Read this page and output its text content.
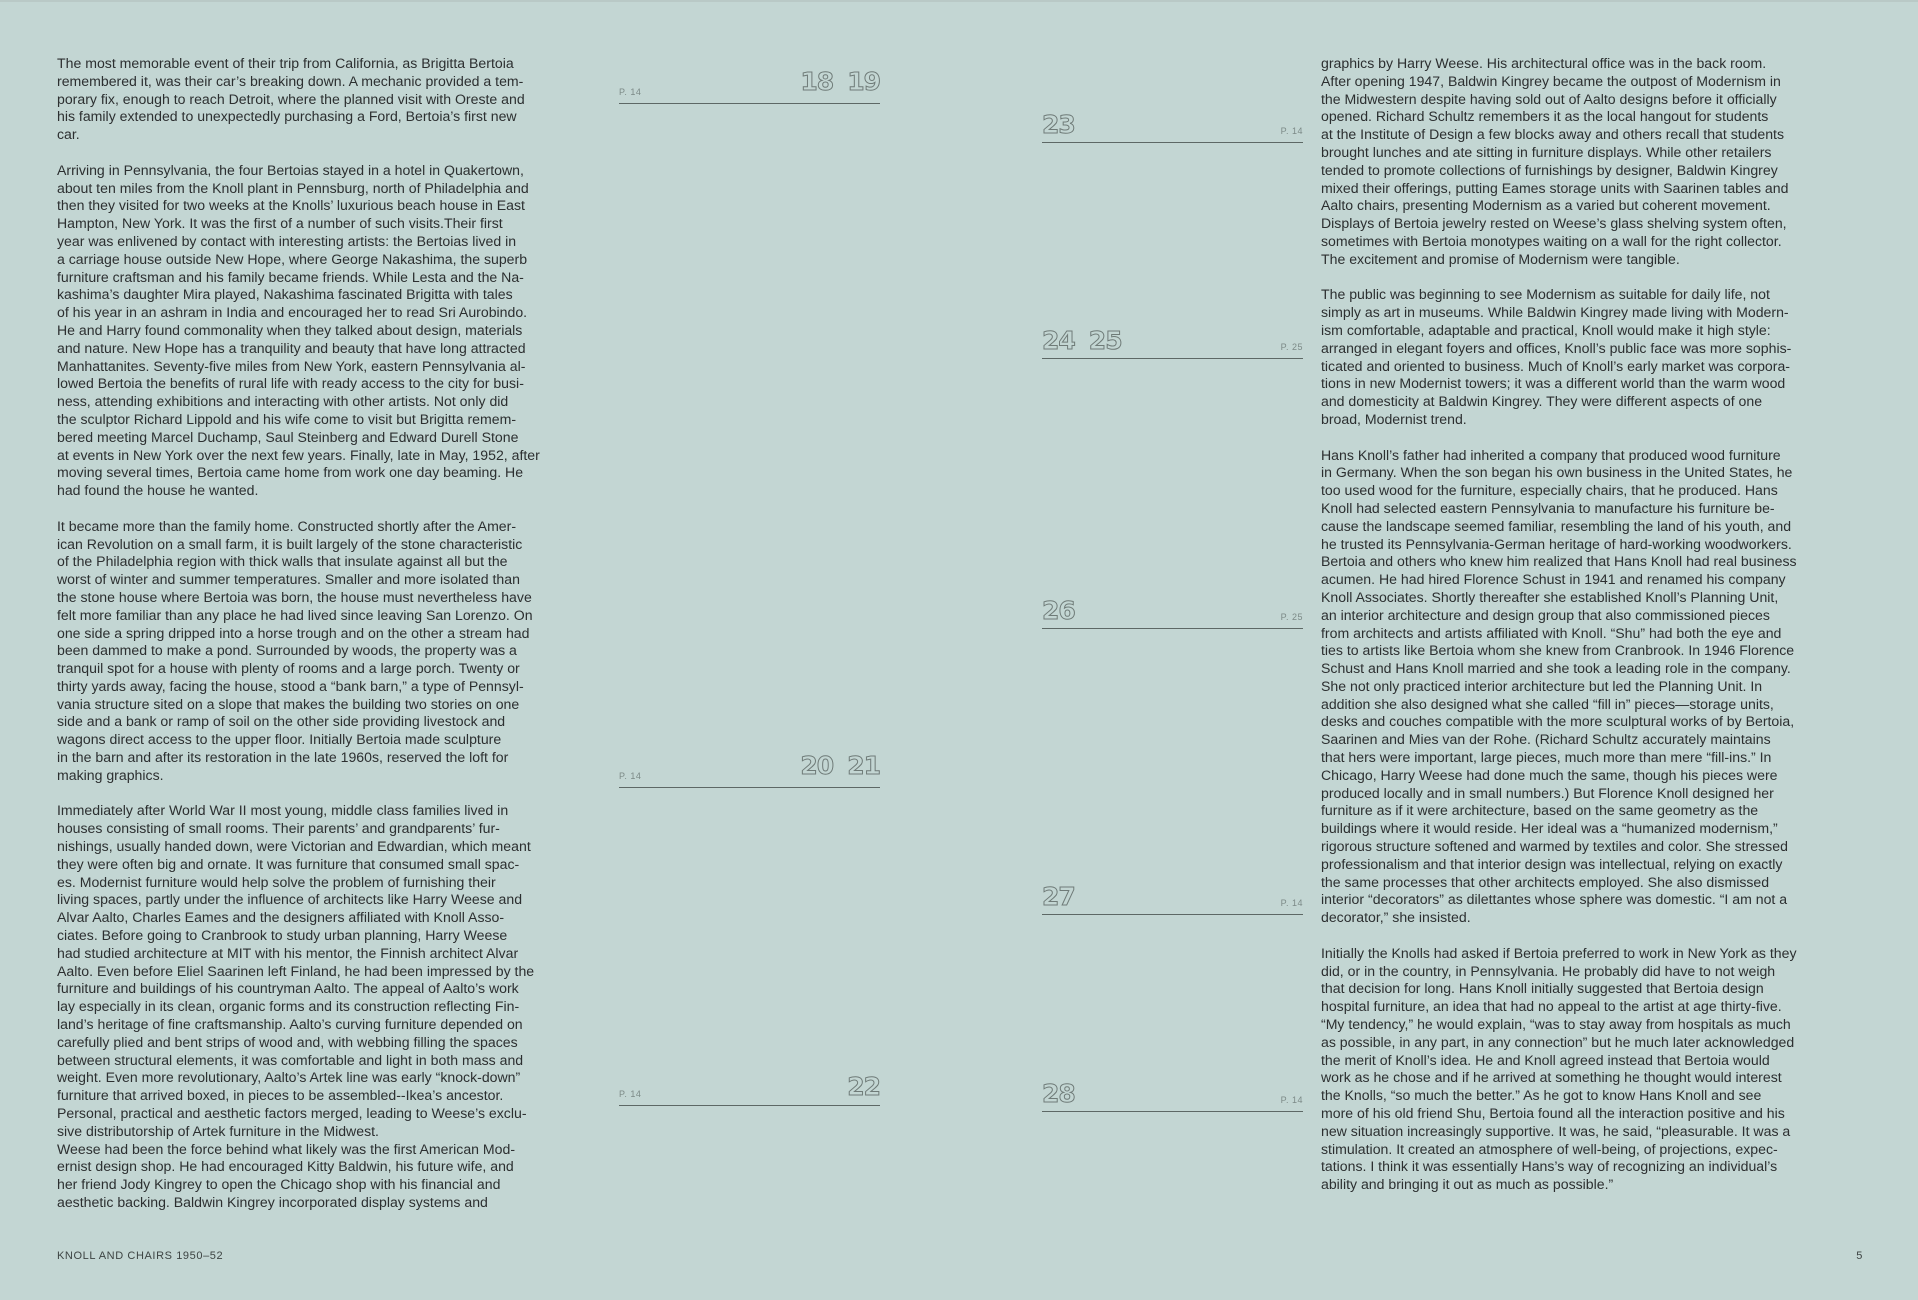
The most memorable event of their trip from California, as Brigitta Bertoia
remembered it, was their car’s breaking down. A mechanic provided a tem-
porary fix, enough to reach Detroit, where the planned visit with Oreste and
his family extended to unexpectedly purchasing a Ford, Bertoia’s first new
car.

Arriving in Pennsylvania, the four Bertoias stayed in a hotel in Quakertown,
about ten miles from the Knoll plant in Pennsburg, north of Philadelphia and
then they visited for two weeks at the Knolls’ luxurious beach house in East
Hampton, New York. It was the first of a number of such visits.Their first
year was enlivened by contact with interesting artists: the Bertoias lived in
a carriage house outside New Hope, where George Nakashima, the superb
furniture craftsman and his family became friends. While Lesta and the Na-
kashima’s daughter Mira played, Nakashima fascinated Brigitta with tales
of his year in an ashram in India and encouraged her to read Sri Aurobindo.
He and Harry found commonality when they talked about design, materials
and nature. New Hope has a tranquility and beauty that have long attracted
Manhattanites. Seventy-five miles from New York, eastern Pennsylvania al-
lowed Bertoia the benefits of rural life with ready access to the city for busi-
ness, attending exhibitions and interacting with other artists. Not only did
the sculptor Richard Lippold and his wife come to visit but Brigitta remem-
bered meeting Marcel Duchamp, Saul Steinberg and Edward Durell Stone
at events in New York over the next few years. Finally, late in May, 1952, after
moving several times, Bertoia came home from work one day beaming. He
had found the house he wanted.

It became more than the family home. Constructed shortly after the Amer-
ican Revolution on a small farm, it is built largely of the stone characteristic
of the Philadelphia region with thick walls that insulate against all but the
worst of winter and summer temperatures. Smaller and more isolated than
the stone house where Bertoia was born, the house must nevertheless have
felt more familiar than any place he had lived since leaving San Lorenzo. On
one side a spring dripped into a horse trough and on the other a stream had
been dammed to make a pond. Surrounded by woods, the property was a
tranquil spot for a house with plenty of rooms and a large porch. Twenty or
thirty yards away, facing the house, stood a “bank barn,” a type of Pennsyl-
vania structure sited on a slope that makes the building two stories on one
side and a bank or ramp of soil on the other side providing livestock and
wagons direct access to the upper floor. Initially Bertoia made sculpture
in the barn and after its restoration in the late 1960s, reserved the loft for
making graphics.

Immediately after World War II most young, middle class families lived in
houses consisting of small rooms. Their parents’ and grandparents’ fur-
nishings, usually handed down, were Victorian and Edwardian, which meant
they were often big and ornate. It was furniture that consumed small spac-
es. Modernist furniture would help solve the problem of furnishing their
living spaces, partly under the influence of architects like Harry Weese and
Alvar Aalto, Charles Eames and the designers affiliated with Knoll Asso-
ciates. Before going to Cranbrook to study urban planning, Harry Weese
had studied architecture at MIT with his mentor, the Finnish architect Alvar
Aalto. Even before Eliel Saarinen left Finland, he had been impressed by the
furniture and buildings of his countryman Aalto. The appeal of Aalto’s work
lay especially in its clean, organic forms and its construction reflecting Fin-
land’s heritage of fine craftsmanship. Aalto’s curving furniture depended on
carefully plied and bent strips of wood and, with webbing filling the spaces
between structural elements, it was comfortable and light in both mass and
weight. Even more revolutionary, Aalto’s Artek line was early “knock-down”
furniture that arrived boxed, in pieces to be assembled--Ikea’s ancestor.
Personal, practical and aesthetic factors merged, leading to Weese’s exclu-
sive distributorship of Artek furniture in the Midwest.
Weese had been the force behind what likely was the first American Mod-
ernist design shop. He had encouraged Kitty Baldwin, his future wife, and
her friend Jody Kingrey to open the Chicago shop with his financial and
aesthetic backing. Baldwin Kingrey incorporated display systems and

graphics by Harry Weese. His architectural office was in the back room.
After opening 1947, Baldwin Kingrey became the outpost of Modernism in
the Midwestern despite having sold out of Aalto designs before it officially
opened. Richard Schultz remembers it as the local hangout for students
at the Institute of Design a few blocks away and others recall that students
brought lunches and ate sitting in furniture displays. While other retailers
tended to promote collections of furnishings by designer, Baldwin Kingrey
mixed their offerings, putting Eames storage units with Saarinen tables and
Aalto chairs, presenting Modernism as a varied but coherent movement.
Displays of Bertoia jewelry rested on Weese’s glass shelving system often,
sometimes with Bertoia monotypes waiting on a wall for the right collector.
The excitement and promise of Modernism were tangible.

The public was beginning to see Modernism as suitable for daily life, not
simply as art in museums. While Baldwin Kingrey made living with Modern-
ism comfortable, adaptable and practical, Knoll would make it high style:
arranged in elegant foyers and offices, Knoll’s public face was more sophis-
ticated and oriented to business. Much of Knoll’s early market was corpora-
tions in new Modernist towers; it was a different world than the warm wood
and domesticity at Baldwin Kingrey. They were different aspects of one
broad, Modernist trend.

Hans Knoll’s father had inherited a company that produced wood furniture
in Germany. When the son began his own business in the United States, he
too used wood for the furniture, especially chairs, that he produced. Hans
Knoll had selected eastern Pennsylvania to manufacture his furniture be-
cause the landscape seemed familiar, resembling the land of his youth, and
he trusted its Pennsylvania-German heritage of hard-working woodworkers.
Bertoia and others who knew him realized that Hans Knoll had real business
acumen. He had hired Florence Schust in 1941 and renamed his company
Knoll Associates. Shortly thereafter she established Knoll’s Planning Unit,
an interior architecture and design group that also commissioned pieces
from architects and artists affiliated with Knoll. “Shu” had both the eye and
ties to artists like Bertoia whom she knew from Cranbrook. In 1946 Florence
Schust and Hans Knoll married and she took a leading role in the company.
She not only practiced interior architecture but led the Planning Unit. In
addition she also designed what she called “fill in” pieces—storage units,
desks and couches compatible with the more sculptural works of by Bertoia,
Saarinen and Mies van der Rohe. (Richard Schultz accurately maintains
that hers were important, large pieces, much more than mere “fill-ins.” In
Chicago, Harry Weese had done much the same, though his pieces were
produced locally and in small numbers.) But Florence Knoll designed her
furniture as if it were architecture, based on the same geometry as the
buildings where it would reside. Her ideal was a “humanized modernism,”
rigorous structure softened and warmed by textiles and color. She stressed
professionalism and that interior design was intellectual, relying on exactly
the same processes that other architects employed. She also dismissed
interior “decorators” as dilettantes whose sphere was domestic. “I am not a
decorator,” she insisted.

Initially the Knolls had asked if Bertoia preferred to work in New York as they
did, or in the country, in Pennsylvania. He probably did have to not weigh
that decision for long. Hans Knoll initially suggested that Bertoia design
hospital furniture, an idea that had no appeal to the artist at age thirty-five.
“My tendency,” he would explain, “was to stay away from hospitals as much
as possible, in any part, in any connection” but he much later acknowledged
the merit of Knoll’s idea. He and Knoll agreed instead that Bertoia would
work as he chose and if he arrived at something he thought would interest
the Knolls, “so much the better.” As he got to know Hans Knoll and see
more of his old friend Shu, Bertoia found all the interaction positive and his
new situation increasingly supportive. It was, he said, “pleasurable. It was a
stimulation. It created an atmosphere of well-being, of projections, expec-
tations. I think it was essentially Hans’s way of recognizing an individual’s
ability and bringing it out as much as possible.”

P. 14	18 19
P. 14	20 21
P. 14	22
23	P. 14
24 25	P. 25
26	P. 25
27	P. 14
28	P. 14
KNOLL AND CHAIRS 1950–52	5
